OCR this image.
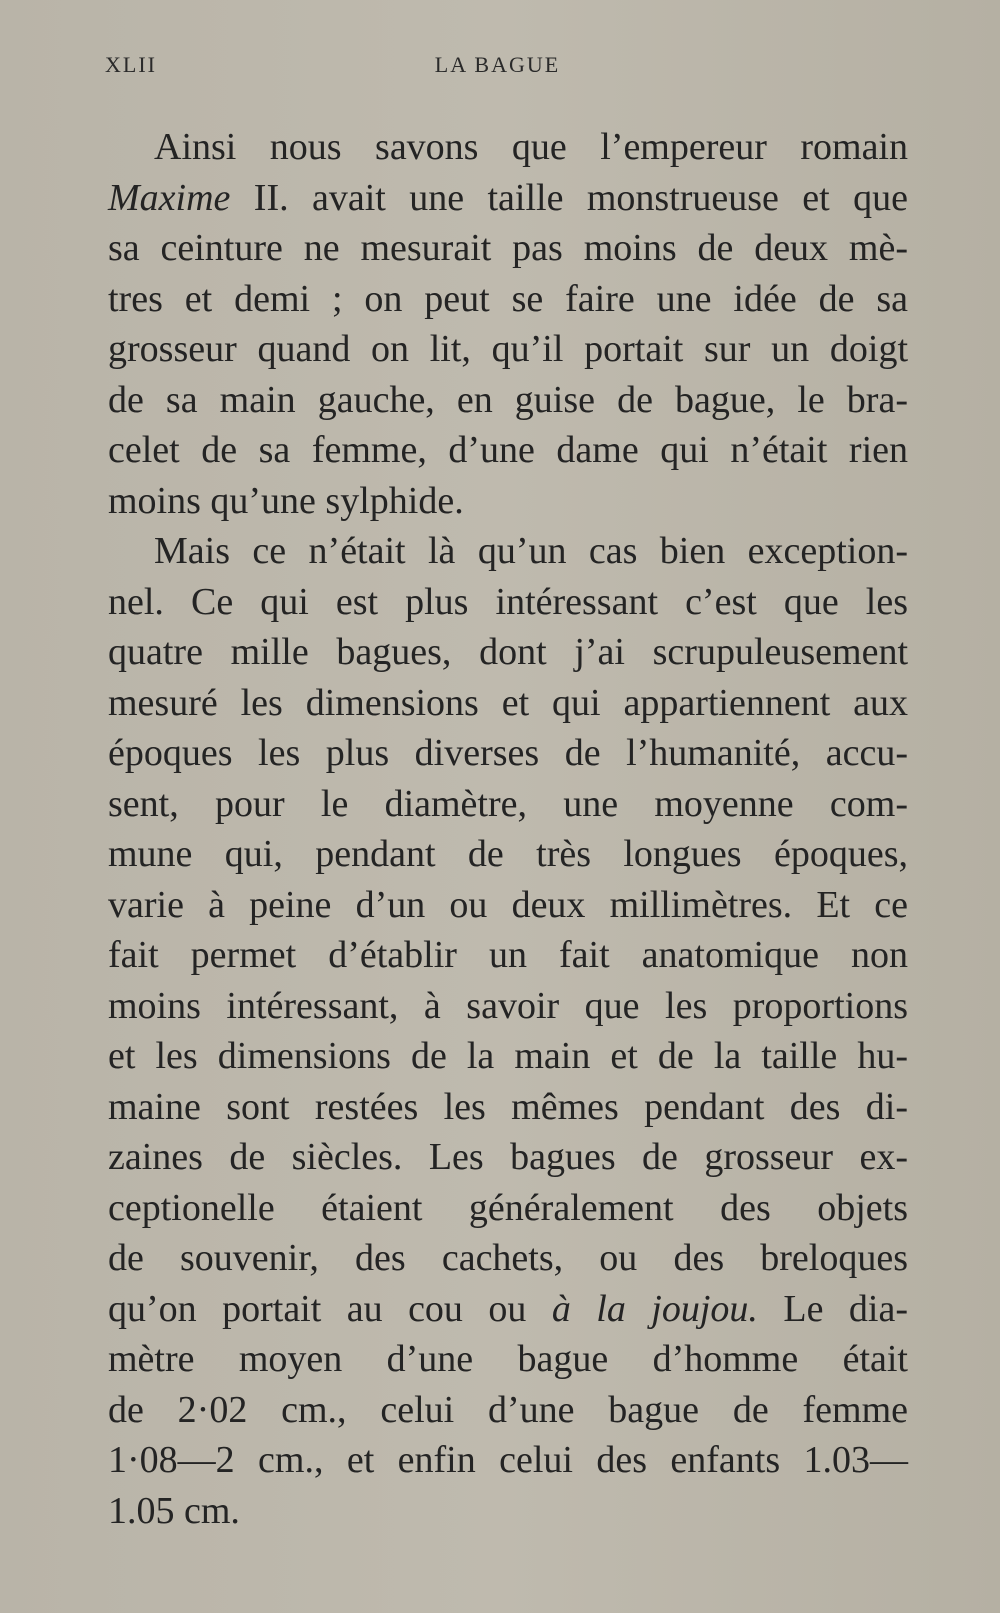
XLII	LA BAGUE
Ainsi nous savons que l’empereur romain
Maxime II. avait une taille monstrueuse et que
sa ceinture ne mesurait pas moins de deux mè-
tres et demi ; on peut se faire une idée de sa
grosseur quand on lit, qu’il portait sur un doigt
de sa main gauche, en guise de bague, le bra-
celet de sa femme, d’une dame qui n’était rien
moins qu’une sylphide.
Mais ce n’était là qu’un cas bien exception-
nel. Ce qui est plus intéressant c’est que les
quatre mille bagues, dont j’ai scrupuleusement
mesuré les dimensions et qui appartiennent aux
époques les plus diverses de l’humanité, accu-
sent, pour le diamètre, une moyenne com-
mune qui, pendant de très longues époques,
varie à peine d’un ou deux millimètres. Et ce
fait permet d’établir un fait anatomique non
moins intéressant, à savoir que les proportions
et les dimensions de la main et de la taille hu-
maine sont restées les mêmes pendant des di-
zaines de siècles. Les bagues de grosseur ex-
ceptionelle étaient généralement des objets
de souvenir, des cachets, ou des breloques
qu’on portait au cou ou à la joujou. Le dia-
mètre moyen d’une bague d’homme était
de 2·02 cm., celui d’une bague de femme
1·08—2 cm., et enfin celui des enfants 1.03—
1.05 cm.
